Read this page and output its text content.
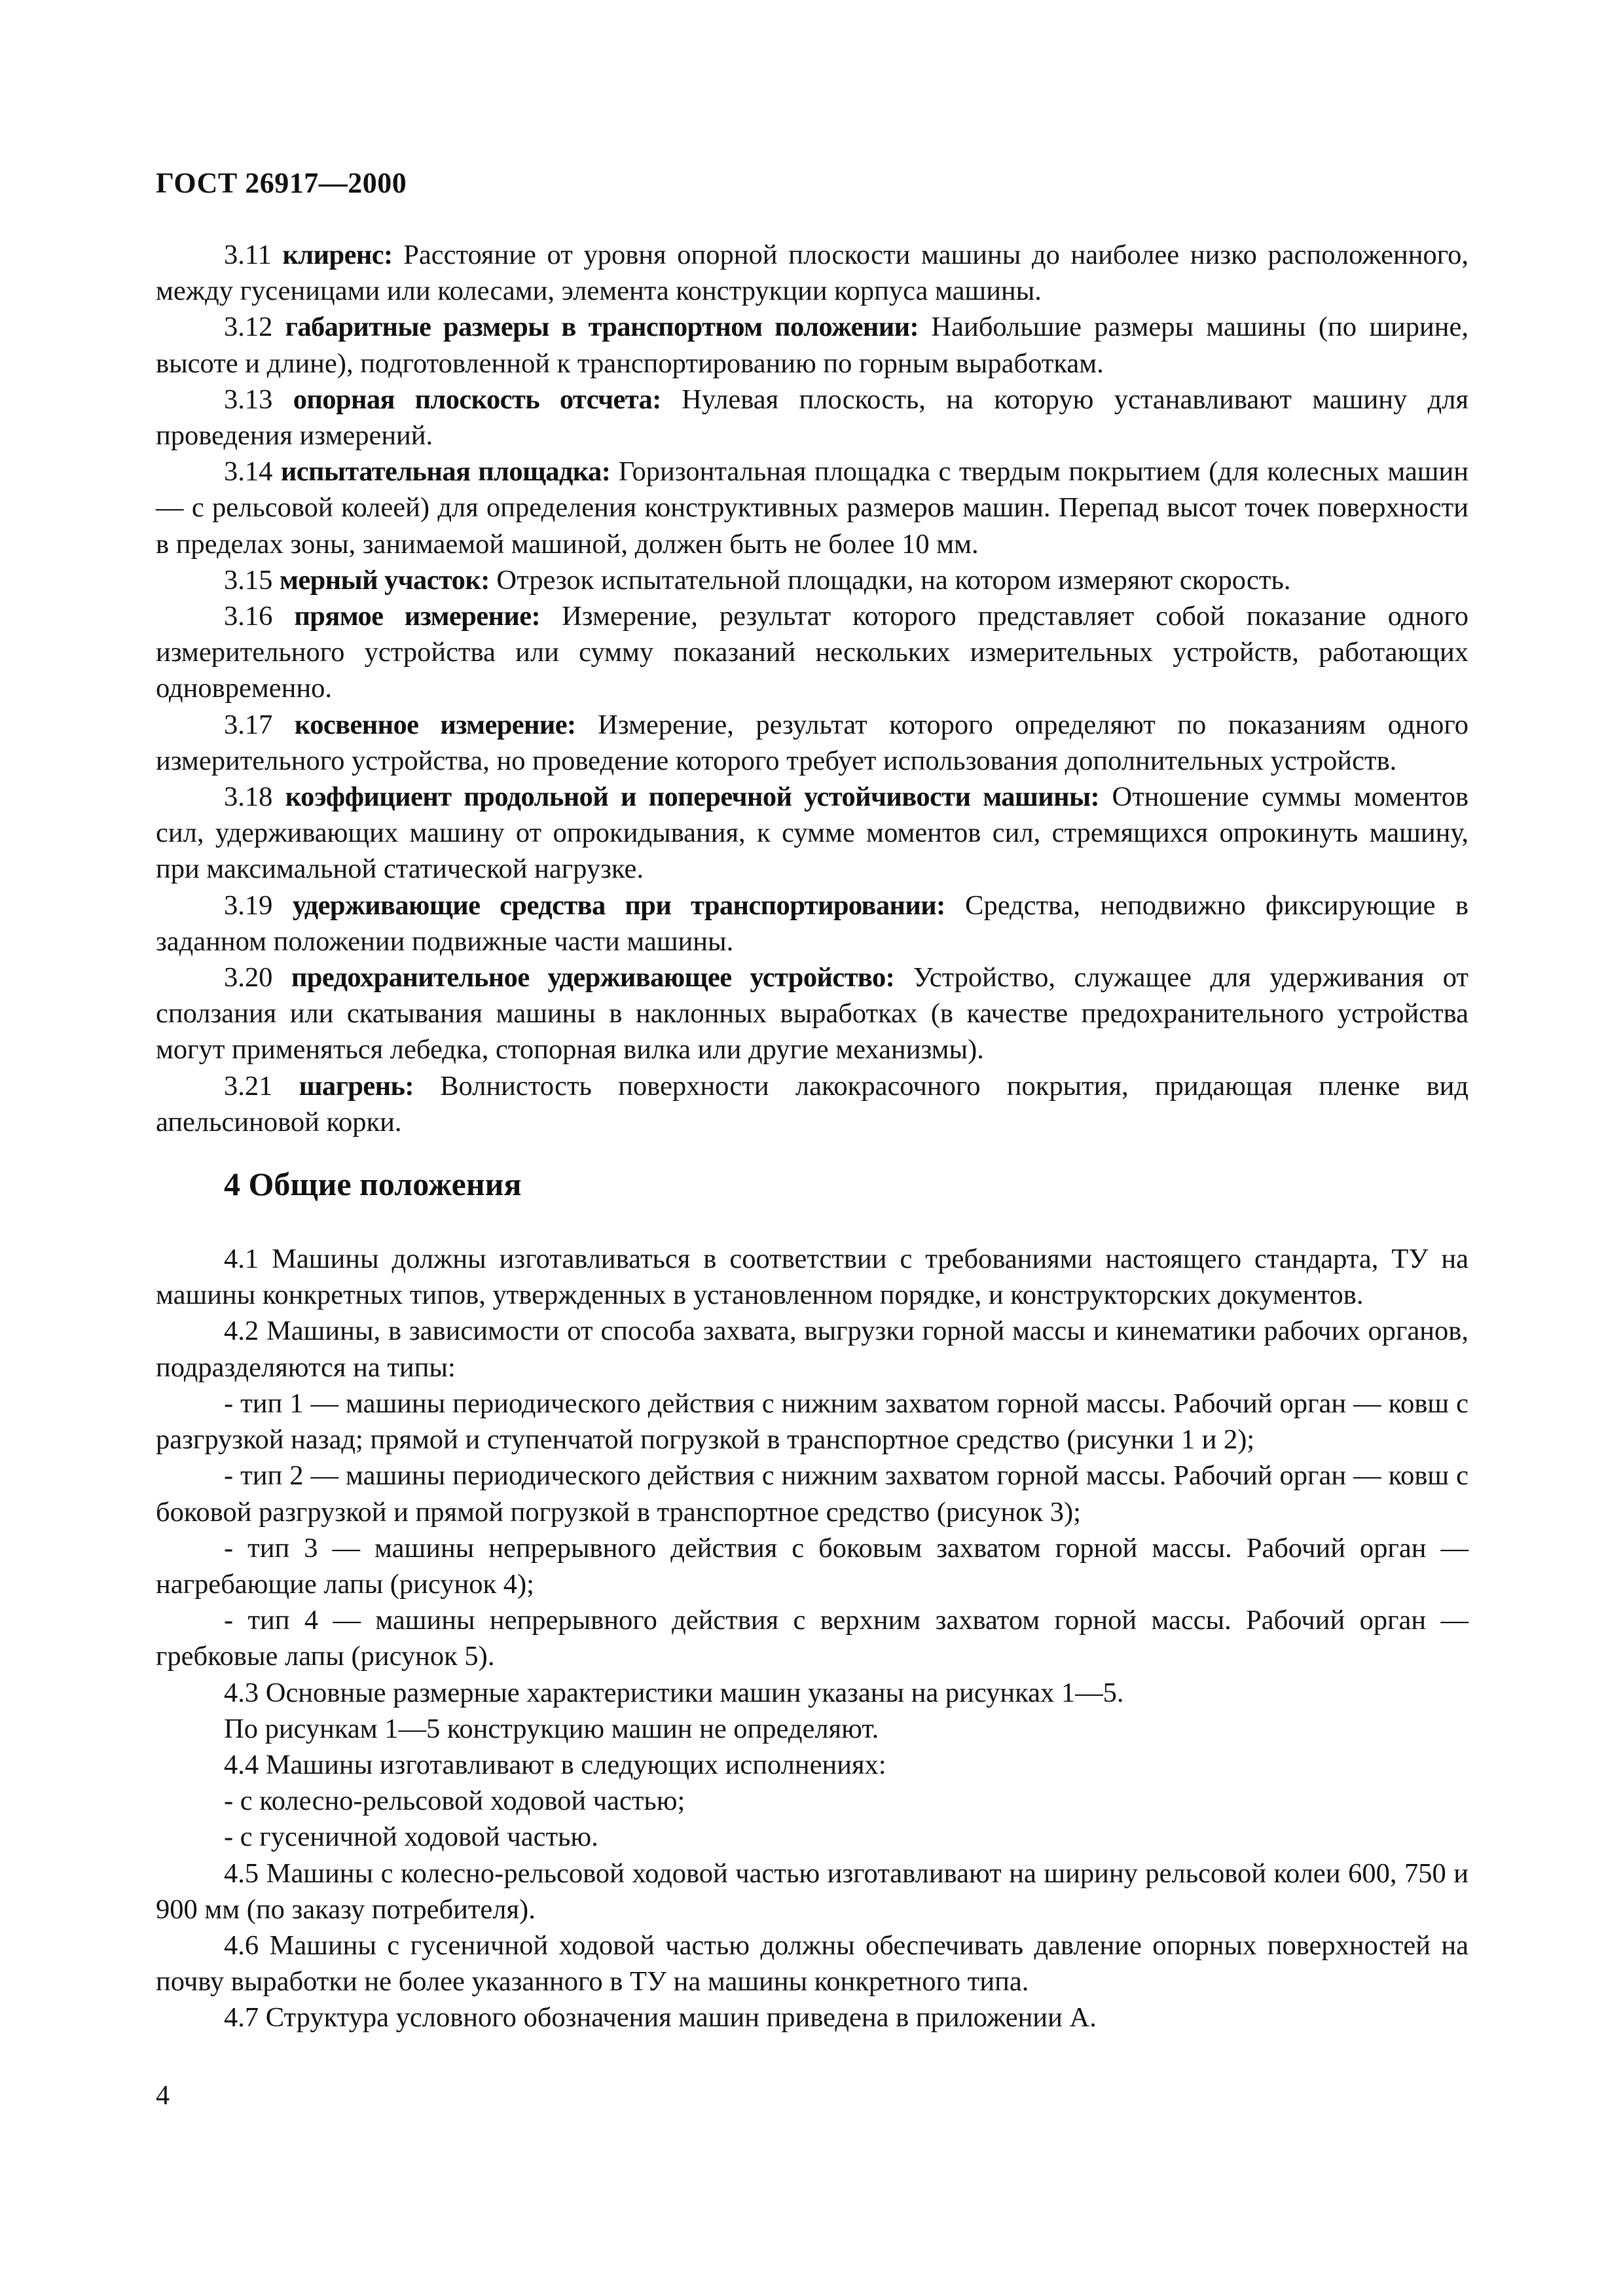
ГОСТ 26917—2000

3.11 клиренс: Расстояние от уровня опорной плоскости машины до наиболее низко расположенного, между гусеницами или колесами, элемента конструкции корпуса машины.

3.12 габаритные размеры в транспортном положении: Наибольшие размеры машины (по ширине, высоте и длине), подготовленной к транспортированию по горным выработкам.

3.13 опорная плоскость отсчета: Нулевая плоскость, на которую устанавливают машину для проведения измерений.

3.14 испытательная площадка: Горизонтальная площадка с твердым покрытием (для колесных машин — с рельсовой колеей) для определения конструктивных размеров машин. Перепад высот точек поверхности в пределах зоны, занимаемой машиной, должен быть не более 10 мм.

3.15 мерный участок: Отрезок испытательной площадки, на котором измеряют скорость.

3.16 прямое измерение: Измерение, результат которого представляет собой показание одного измерительного устройства или сумму показаний нескольких измерительных устройств, работающих одновременно.

3.17 косвенное измерение: Измерение, результат которого определяют по показаниям одного измерительного устройства, но проведение которого требует использования дополнительных устройств.

3.18 коэффициент продольной и поперечной устойчивости машины: Отношение суммы моментов сил, удерживающих машину от опрокидывания, к сумме моментов сил, стремящихся опрокинуть машину, при максимальной статической нагрузке.

3.19 удерживающие средства при транспортировании: Средства, неподвижно фиксирующие в заданном положении подвижные части машины.

3.20 предохранительное удерживающее устройство: Устройство, служащее для удерживания от сползания или скатывания машины в наклонных выработках (в качестве предохранительного устройства могут применяться лебедка, стопорная вилка или другие механизмы).

3.21 шагрень: Волнистость поверхности лакокрасочного покрытия, придающая пленке вид апельсиновой корки.

4 Общие положения

4.1 Машины должны изготавливаться в соответствии с требованиями настоящего стандарта, ТУ на машины конкретных типов, утвержденных в установленном порядке, и конструкторских документов.

4.2 Машины, в зависимости от способа захвата, выгрузки горной массы и кинематики рабочих органов, подразделяются на типы:

- тип 1 — машины периодического действия с нижним захватом горной массы. Рабочий орган — ковш с разгрузкой назад; прямой и ступенчатой погрузкой в транспортное средство (рисунки 1 и 2);

- тип 2 — машины периодического действия с нижним захватом горной массы. Рабочий орган — ковш с боковой разгрузкой и прямой погрузкой в транспортное средство (рисунок 3);

- тип 3 — машины непрерывного действия с боковым захватом горной массы. Рабочий орган — нагребающие лапы (рисунок 4);

- тип 4 — машины непрерывного действия с верхним захватом горной массы. Рабочий орган — гребковые лапы (рисунок 5).

4.3 Основные размерные характеристики машин указаны на рисунках 1—5.

По рисункам 1—5 конструкцию машин не определяют.

4.4 Машины изготавливают в следующих исполнениях:

- с колесно-рельсовой ходовой частью;

- с гусеничной ходовой частью.

4.5 Машины с колесно-рельсовой ходовой частью изготавливают на ширину рельсовой колеи 600, 750 и 900 мм (по заказу потребителя).

4.6 Машины с гусеничной ходовой частью должны обеспечивать давление опорных поверхностей на почву выработки не более указанного в ТУ на машины конкретного типа.

4.7 Структура условного обозначения машин приведена в приложении А.

4
